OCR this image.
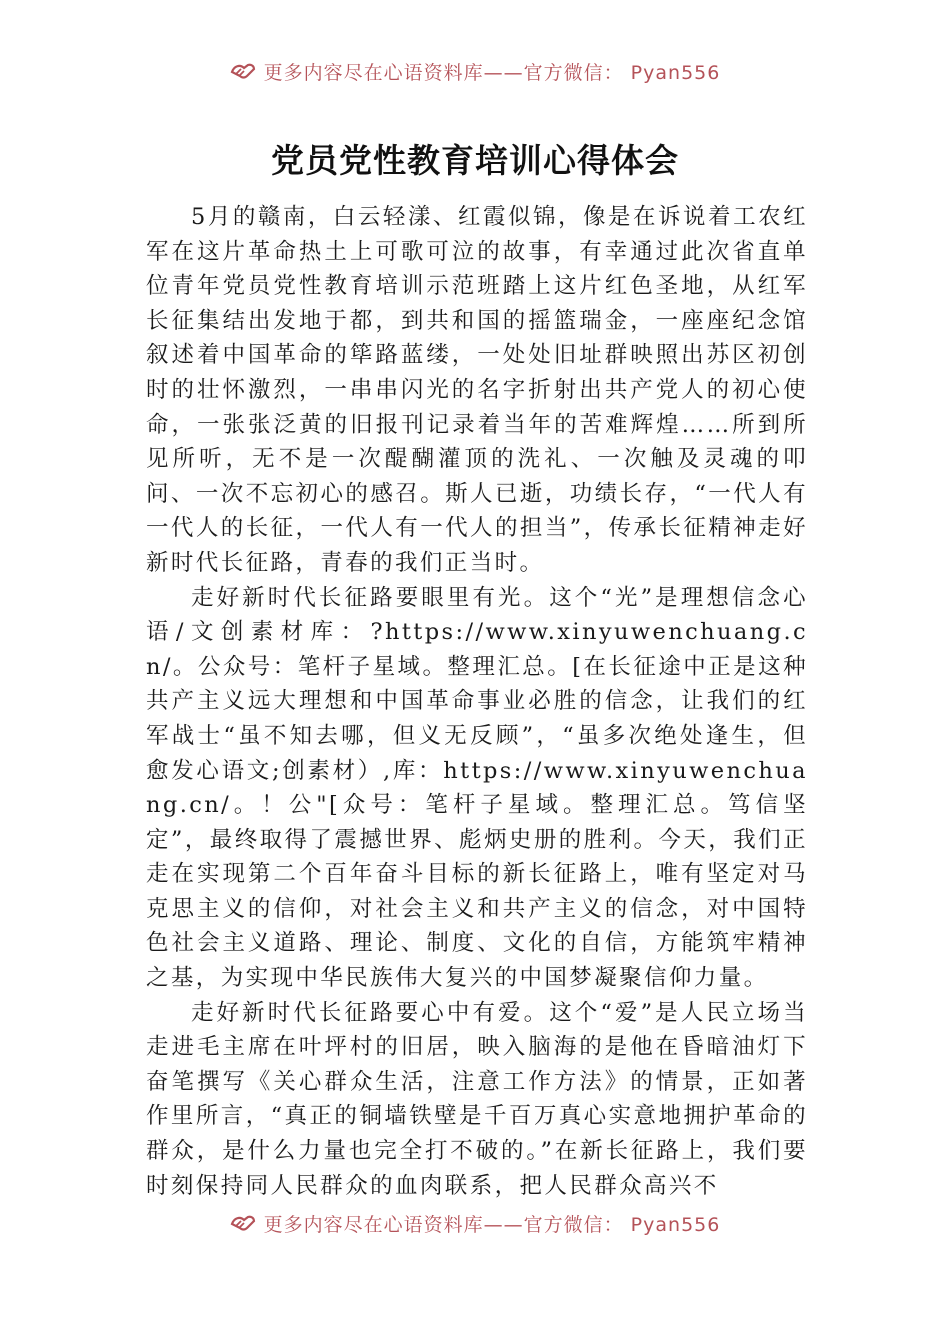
更多内容尽在心语资料库——官方微信： Pyan556
党员党性教育培训心得体会

5月的赣南，白云轻漾、红霞似锦，像是在诉说着工农红军在这片革命热土上可歌可泣的故事，有幸通过此次省直单位青年党员党性教育培训示范班踏上这片红色圣地，从红军长征集结出发地于都，到共和国的摇篮瑞金，一座座纪念馆叙述着中国革命的筚路蓝缕，一处处旧址群映照出苏区初创时的壮怀激烈，一串串闪光的名字折射出共产党人的初心使命，一张张泛黄的旧报刊记录着当年的苦难辉煌……所到所见所听，无不是一次醍醐灌顶的洗礼、一次触及灵魂的叩问、一次不忘初心的感召。斯人已逝，功绩长存，“一代人有一代人的长征，一代人有一代人的担当”，传承长征精神走好新时代长征路，青春的我们正当时。

走好新时代长征路要眼里有光。这个“光”是理想信念心语/文创素材库：?https://www.xinyuwenchuang.cn/。公众号：笔杆子星域。整理汇总。[在长征途中正是这种共产主义远大理想和中国革命事业必胜的信念，让我们的红军战士“虽不知去哪，但义无反顾”，“虽多次绝处逢生，但愈发心语文;创素材）,库：https://www.xinyuwenchuang.cn/。！公"[众号：笔杆子星域。整理汇总。笃信坚定”，最终取得了震撼世界、彪炳史册的胜利。今天，我们正走在实现第二个百年奋斗目标的新长征路上，唯有坚定对马克思主义的信仰，对社会主义和共产主义的信念，对中国特色社会主义道路、理论、制度、文化的自信，方能筑牢精神之基，为实现中华民族伟大复兴的中国梦凝聚信仰力量。

走好新时代长征路要心中有爱。这个“爱”是人民立场当走进毛主席在叶坪村的旧居，映入脑海的是他在昏暗油灯下奋笔撰写《关心群众生活，注意工作方法》的情景，正如著作里所言，“真正的铜墙铁壁是千百万真心实意地拥护革命的群众，是什么力量也完全打不破的。”在新长征路上，我们要时刻保持同人民群众的血肉联系，把人民群众高兴不

更多内容尽在心语资料库——官方微信： Pyan556
